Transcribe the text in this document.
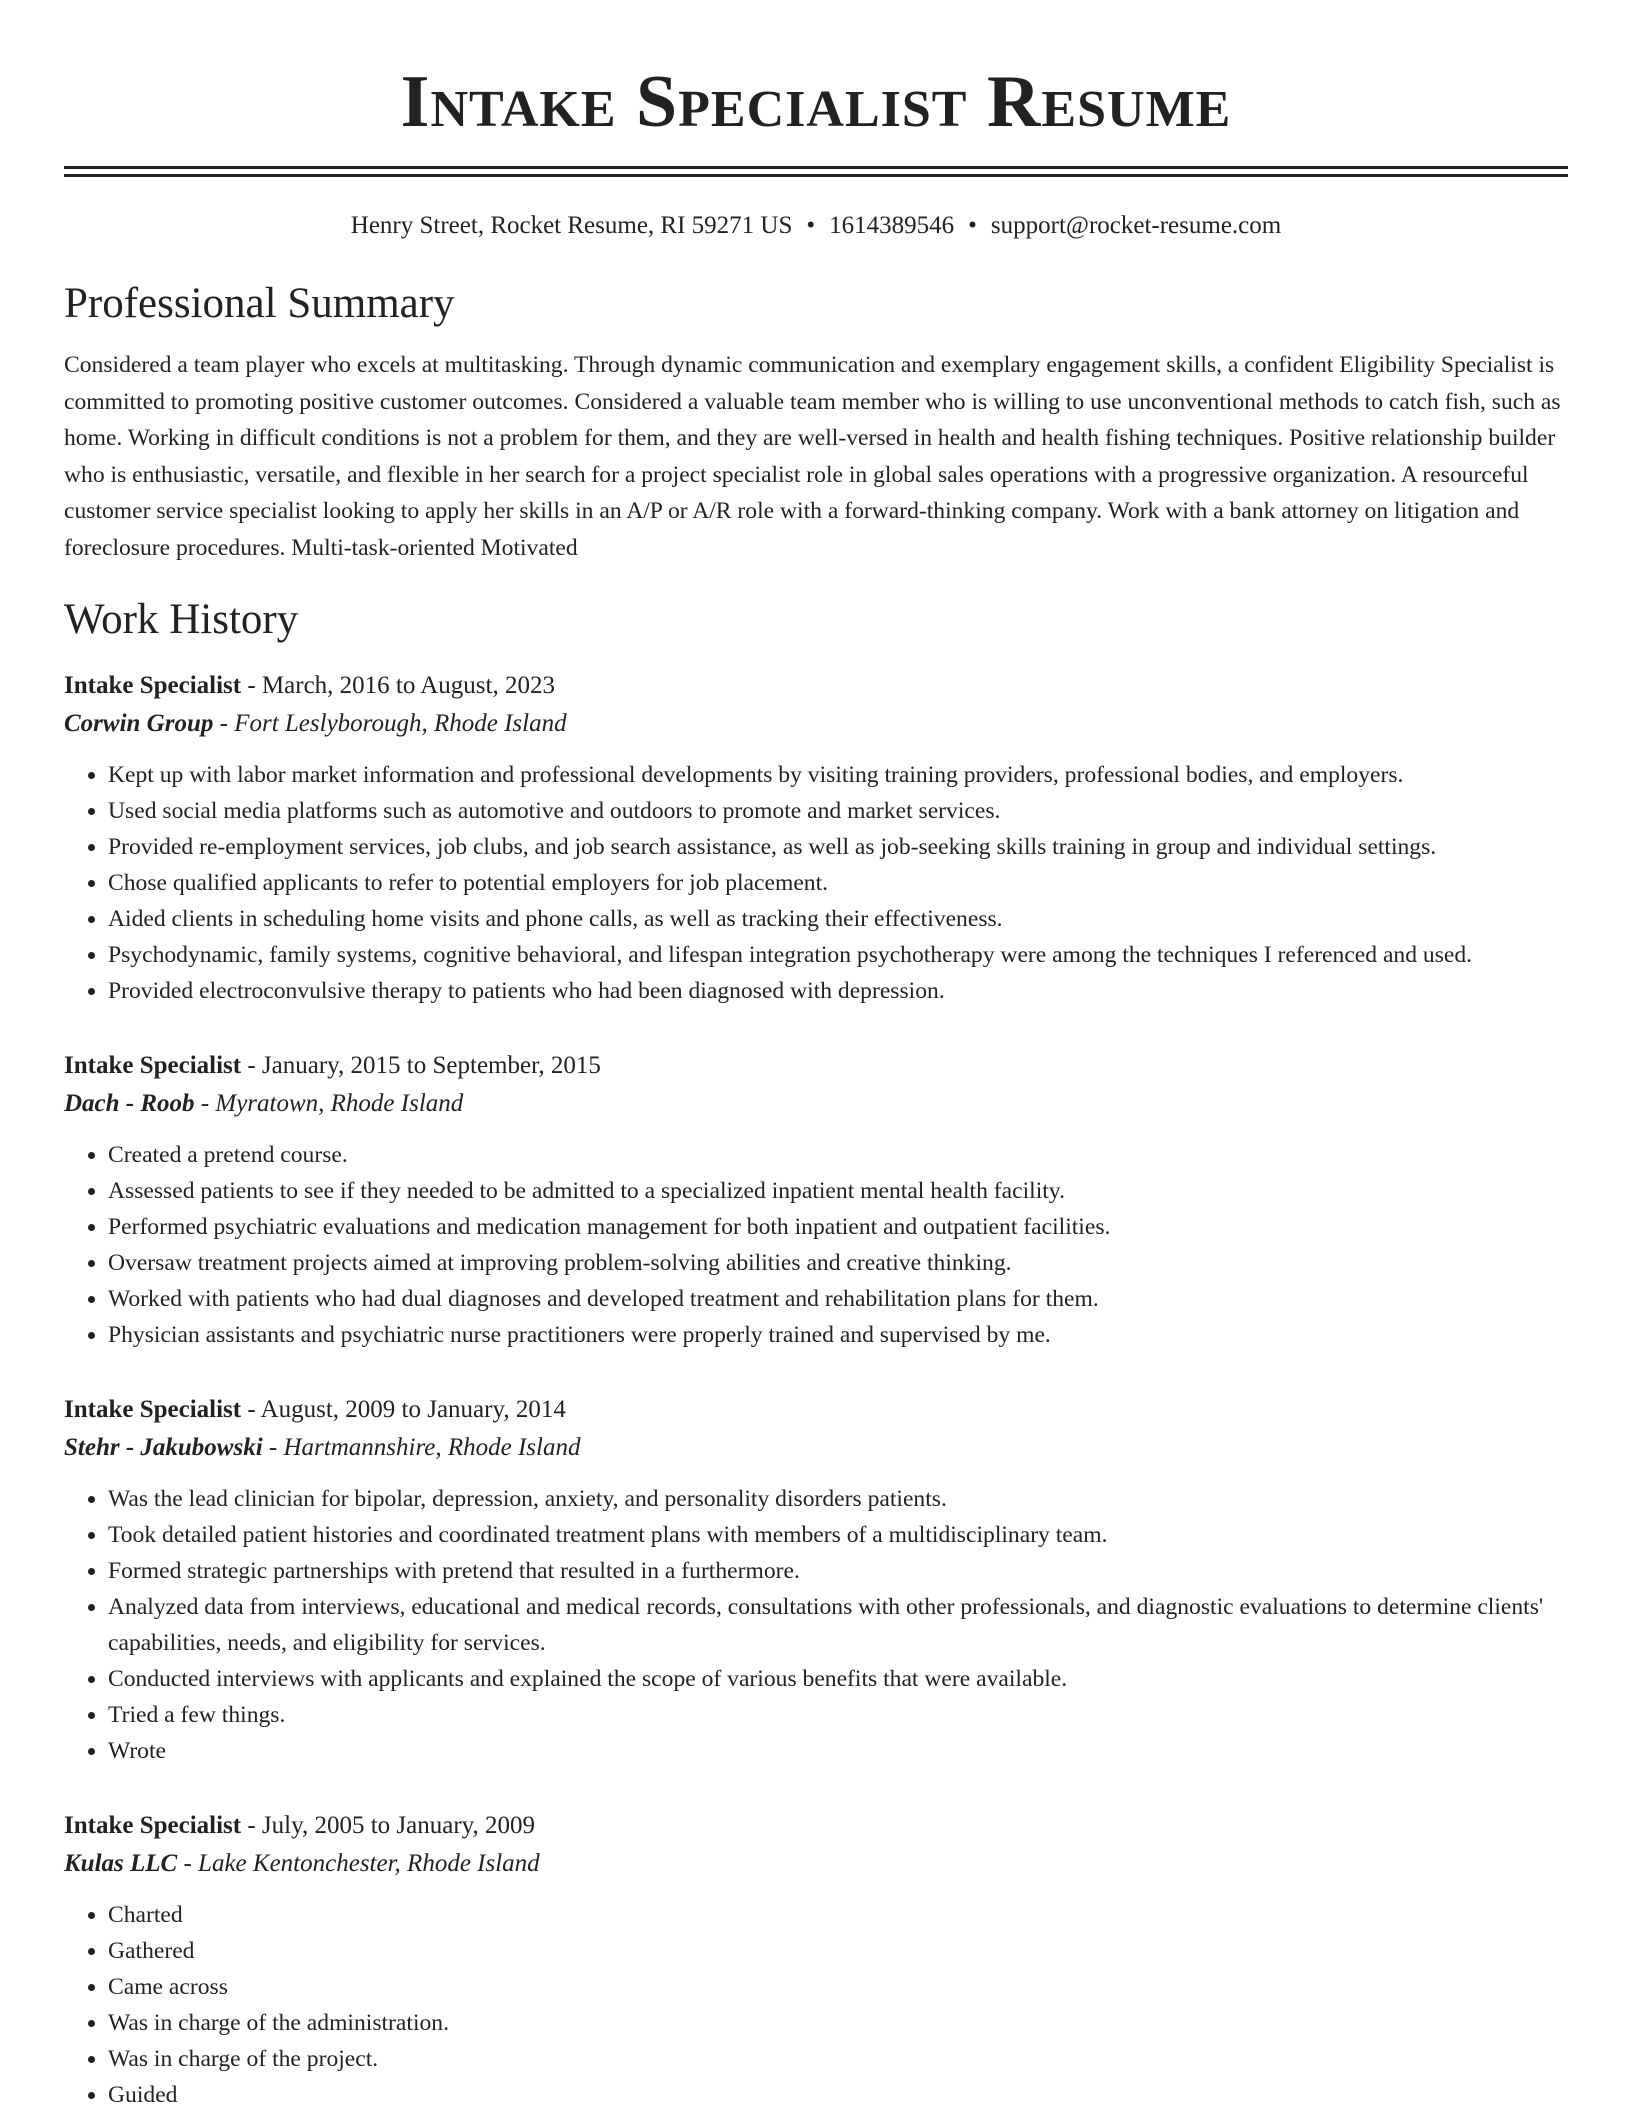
Intake Specialist Resume
Henry Street, Rocket Resume, RI 59271 US • 1614389546 • support@rocket-resume.com
Professional Summary
Considered a team player who excels at multitasking. Through dynamic communication and exemplary engagement skills, a confident Eligibility Specialist is committed to promoting positive customer outcomes. Considered a valuable team member who is willing to use unconventional methods to catch fish, such as home. Working in difficult conditions is not a problem for them, and they are well-versed in health and health fishing techniques. Positive relationship builder who is enthusiastic, versatile, and flexible in her search for a project specialist role in global sales operations with a progressive organization. A resourceful customer service specialist looking to apply her skills in an A/P or A/R role with a forward-thinking company. Work with a bank attorney on litigation and foreclosure procedures. Multi-task-oriented Motivated
Work History
Intake Specialist - March, 2016 to August, 2023
Corwin Group - Fort Leslyborough, Rhode Island
• Kept up with labor market information and professional developments by visiting training providers, professional bodies, and employers.
• Used social media platforms such as automotive and outdoors to promote and market services.
• Provided re-employment services, job clubs, and job search assistance, as well as job-seeking skills training in group and individual settings.
• Chose qualified applicants to refer to potential employers for job placement.
• Aided clients in scheduling home visits and phone calls, as well as tracking their effectiveness.
• Psychodynamic, family systems, cognitive behavioral, and lifespan integration psychotherapy were among the techniques I referenced and used.
• Provided electroconvulsive therapy to patients who had been diagnosed with depression.
Intake Specialist - January, 2015 to September, 2015
Dach - Roob - Myratown, Rhode Island
• Created a pretend course.
• Assessed patients to see if they needed to be admitted to a specialized inpatient mental health facility.
• Performed psychiatric evaluations and medication management for both inpatient and outpatient facilities.
• Oversaw treatment projects aimed at improving problem-solving abilities and creative thinking.
• Worked with patients who had dual diagnoses and developed treatment and rehabilitation plans for them.
• Physician assistants and psychiatric nurse practitioners were properly trained and supervised by me.
Intake Specialist - August, 2009 to January, 2014
Stehr - Jakubowski - Hartmannshire, Rhode Island
• Was the lead clinician for bipolar, depression, anxiety, and personality disorders patients.
• Took detailed patient histories and coordinated treatment plans with members of a multidisciplinary team.
• Formed strategic partnerships with pretend that resulted in a furthermore.
• Analyzed data from interviews, educational and medical records, consultations with other professionals, and diagnostic evaluations to determine clients' capabilities, needs, and eligibility for services.
• Conducted interviews with applicants and explained the scope of various benefits that were available.
• Tried a few things.
• Wrote
Intake Specialist - July, 2005 to January, 2009
Kulas LLC - Lake Kentonchester, Rhode Island
• Charted
• Gathered
• Came across
• Was in charge of the administration.
• Was in charge of the project.
• Guided
